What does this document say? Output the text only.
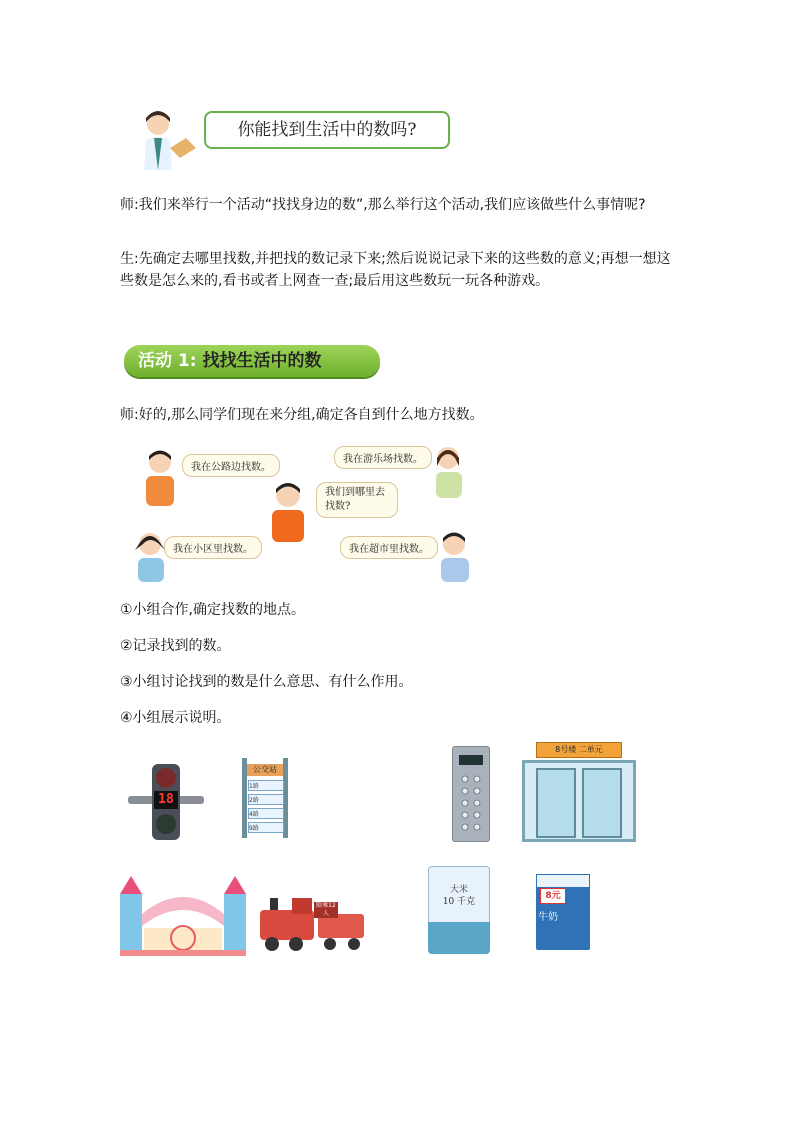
你能找到生活中的数吗?
师:我们来举行一个活动“找找身边的数”,那么举行这个活动,我们应该做些什么事情呢?
生:先确定去哪里找数,并把找的数记录下来;然后说说记录下来的这些数的意义;再想一想这些数是怎么来的,看书或者上网查一查;最后用这些数玩一玩各种游戏。
活动 1: 找找生活中的数
师:好的,那么同学们现在来分组,确定各自到什么地方找数。
我在公路边找数。
我在游乐场找数。
我们到哪里去找数?
我在小区里找数。	我在超市里找数。
①小组合作,确定找数的地点。
②记录找到的数。
③小组讨论找到的数是什么意思、有什么作用。
④小组展示说明。
18
公交站
1路
2路
4路
9路
8号楼 二单元
限乘12人
大米
10 千克
8元
牛奶
